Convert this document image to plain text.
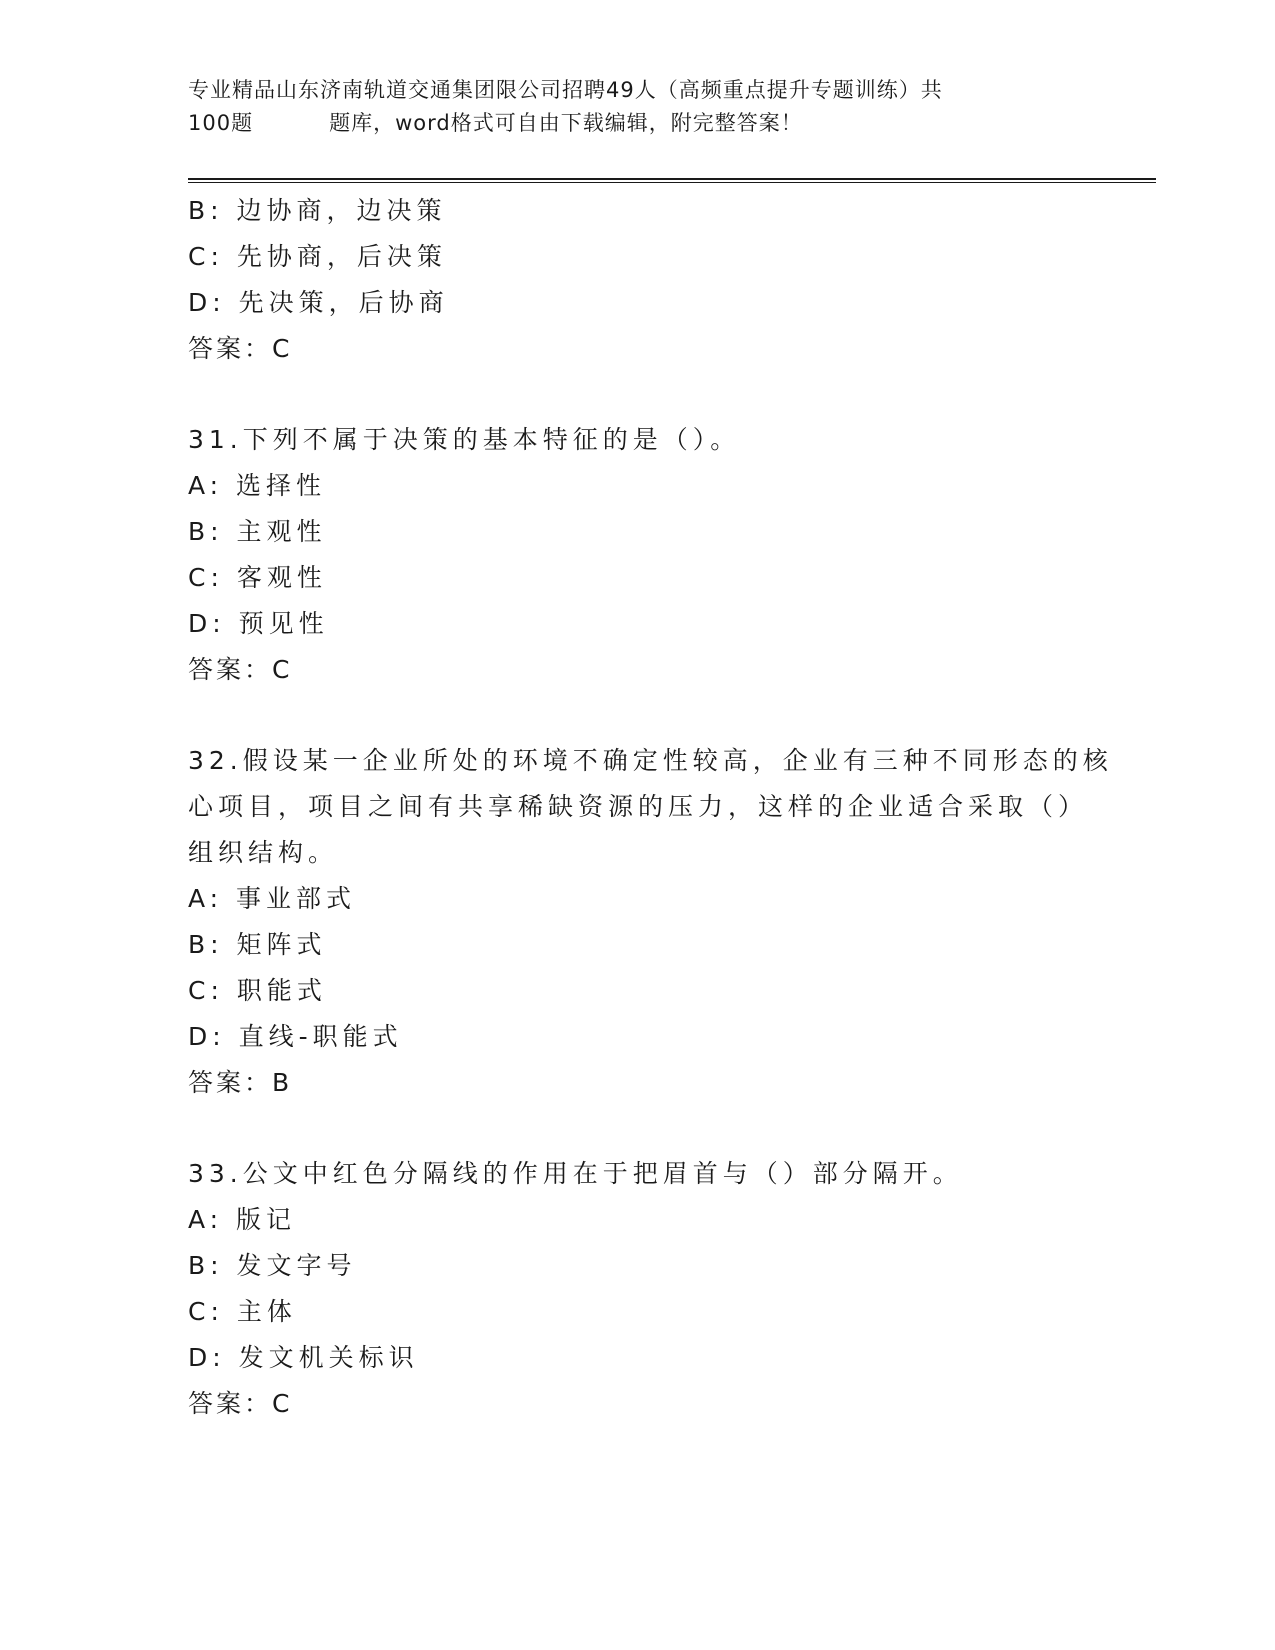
专业精品山东济南轨道交通集团限公司招聘49人（高频重点提升专题训练）共
100题	题库，word格式可自由下载编辑，附完整答案！
B: 边协商，边决策
C: 先协商，后决策
D: 先决策，后协商
答案：C
31.下列不属于决策的基本特征的是（）。
A: 选择性
B: 主观性
C: 客观性
D: 预见性
答案：C
32.假设某一企业所处的环境不确定性较高，企业有三种不同形态的核
心项目，项目之间有共享稀缺资源的压力，这样的企业适合采取（）
组织结构。
A: 事业部式
B: 矩阵式
C: 职能式
D: 直线-职能式
答案：B
33.公文中红色分隔线的作用在于把眉首与（）部分隔开。
A: 版记
B: 发文字号
C: 主体
D: 发文机关标识
答案：C
